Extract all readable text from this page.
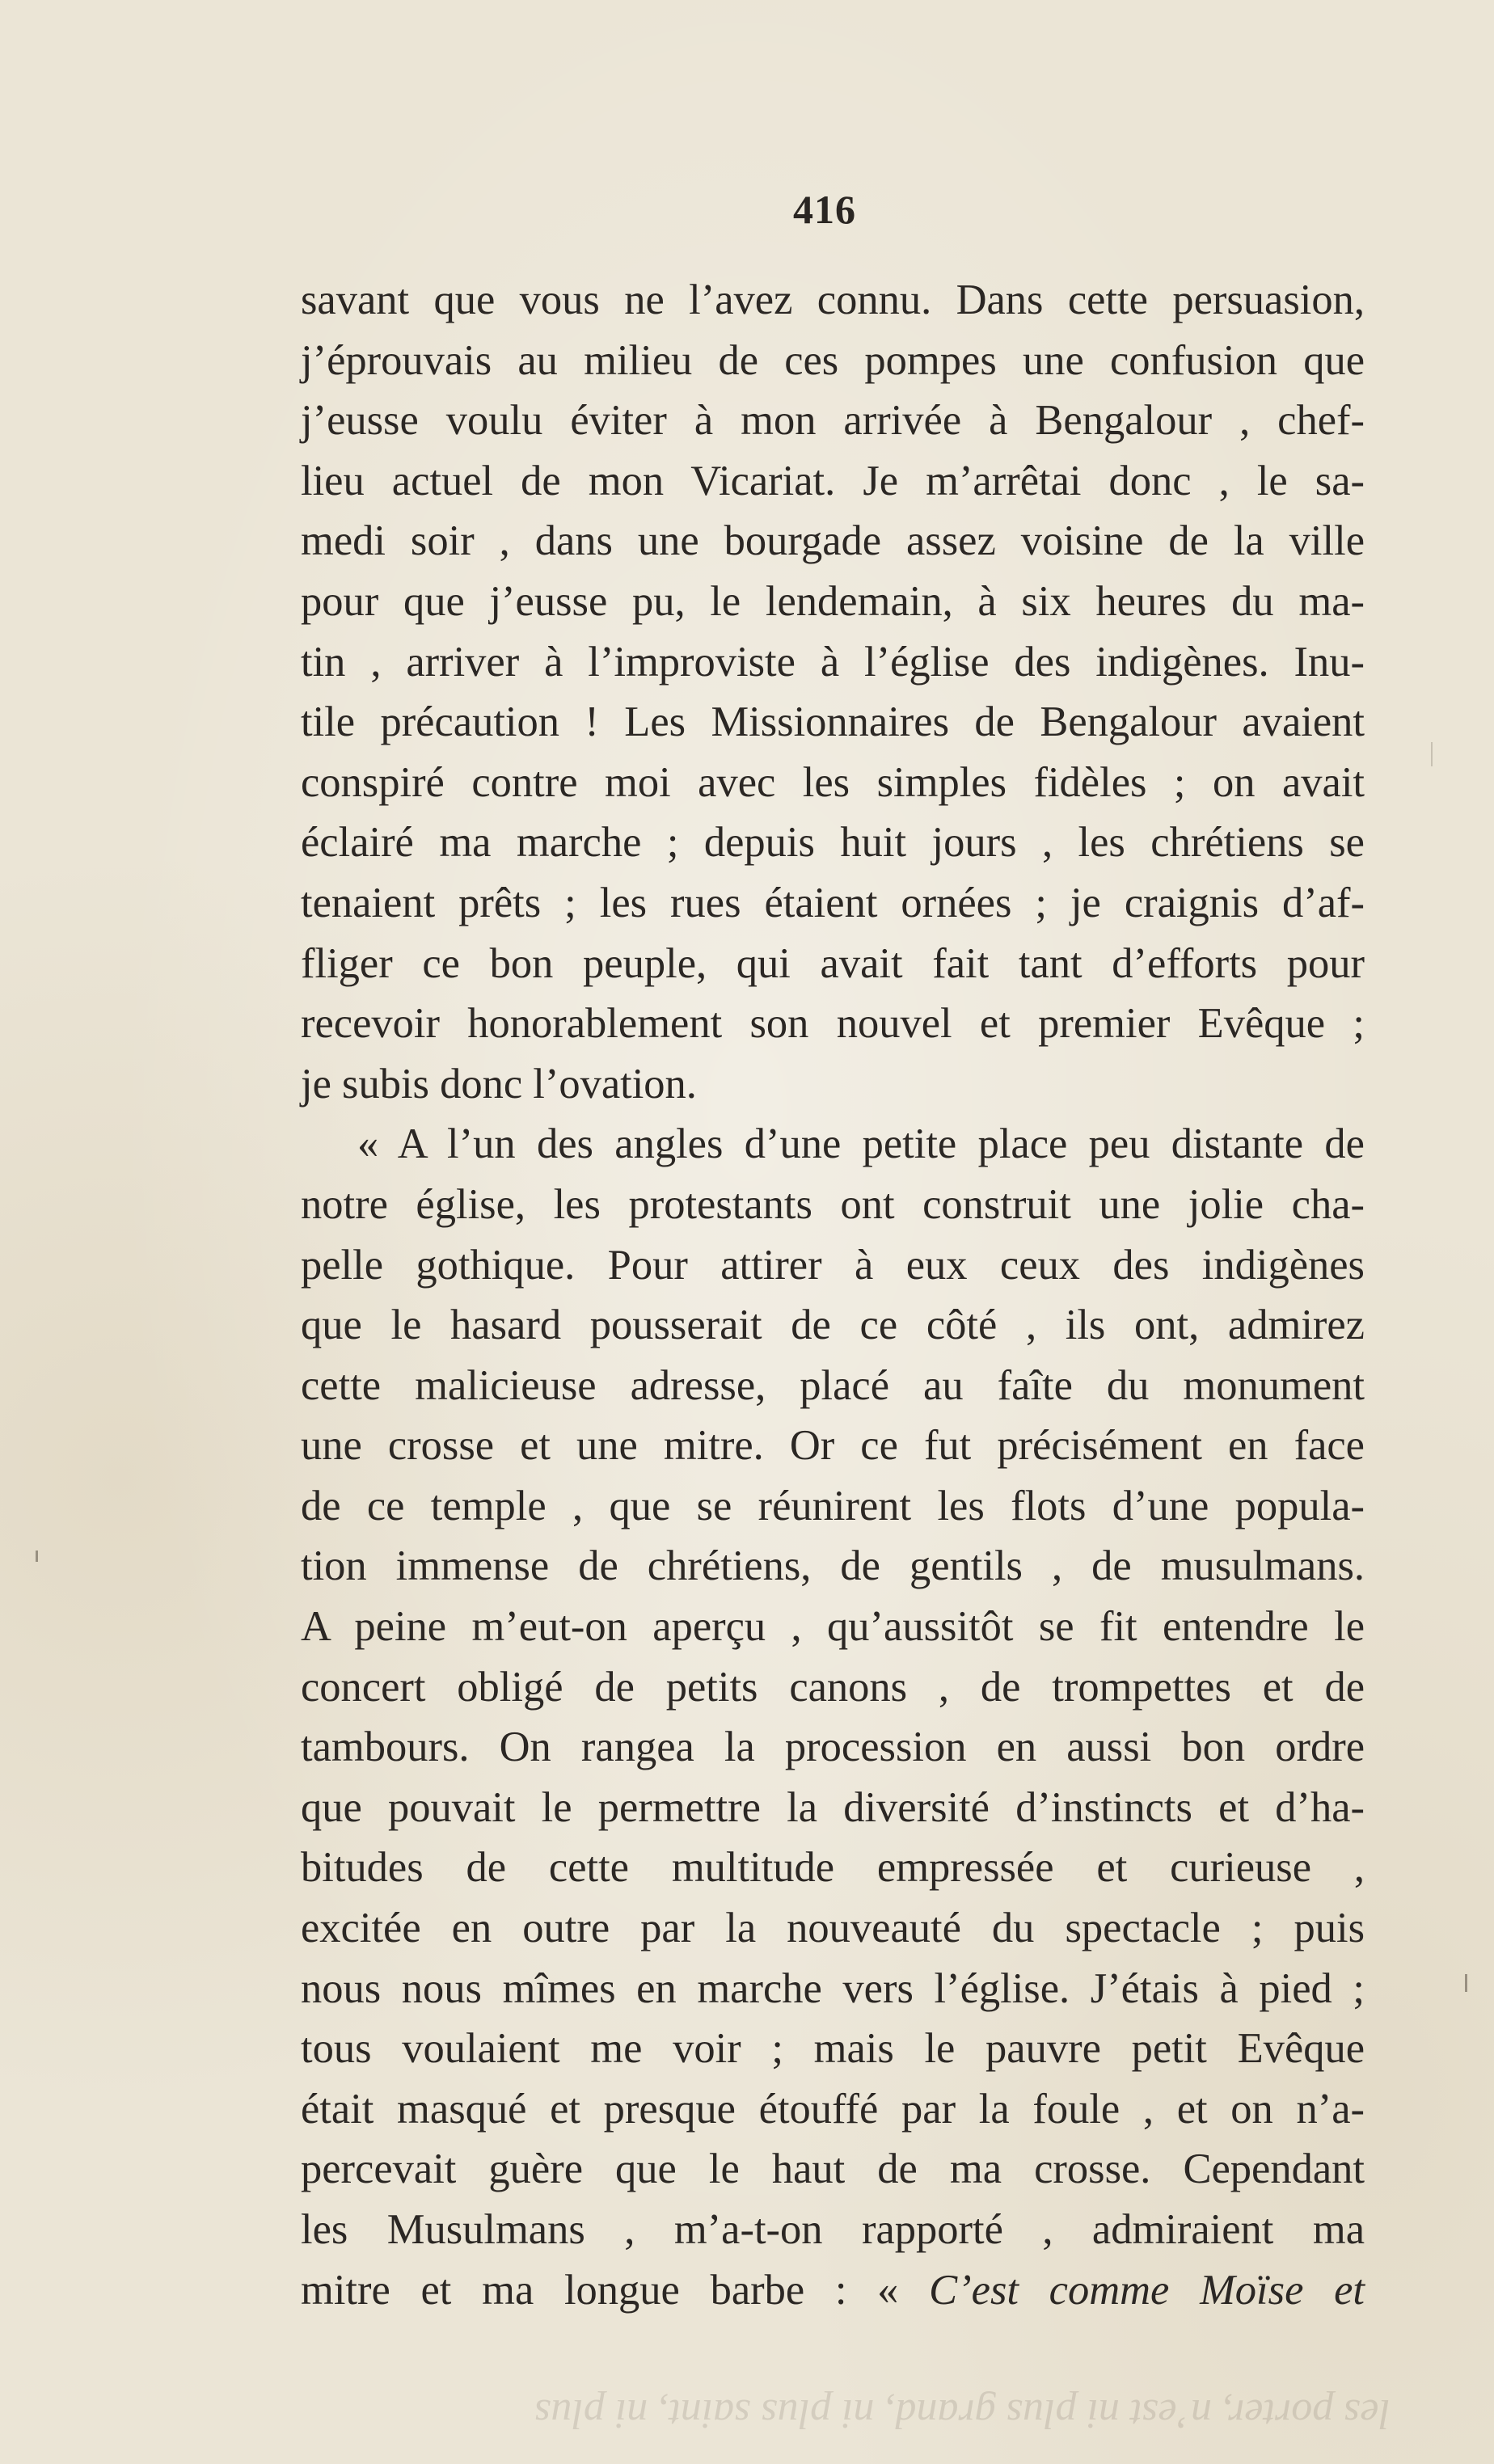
416
savant que vous ne l’avez connu. Dans cette persuasion,
j’éprouvais au milieu de ces pompes une confusion que
j’eusse voulu éviter à mon arrivée à Bengalour , chef-
lieu actuel de mon Vicariat. Je m’arrêtai donc , le sa-
medi soir , dans une bourgade assez voisine de la ville
pour que j’eusse pu, le lendemain, à six heures du ma-
tin , arriver à l’improviste à l’église des indigènes. Inu-
tile précaution ! Les Missionnaires de Bengalour avaient
conspiré contre moi avec les simples fidèles ; on avait
éclairé ma marche ; depuis huit jours , les chrétiens se
tenaient prêts ; les rues étaient ornées ; je craignis d’af-
fliger ce bon peuple, qui avait fait tant d’efforts pour
recevoir honorablement son nouvel et premier Evêque ;
je subis donc l’ovation.
« A l’un des angles d’une petite place peu distante de
notre église, les protestants ont construit une jolie cha-
pelle gothique. Pour attirer à eux ceux des indigènes
que le hasard pousserait de ce côté , ils ont, admirez
cette malicieuse adresse, placé au faîte du monument
une crosse et une mitre. Or ce fut précisément en face
de ce temple , que se réunirent les flots d’une popula-
tion immense de chrétiens, de gentils , de musulmans.
A peine m’eut-on aperçu , qu’aussitôt se fit entendre le
concert obligé de petits canons , de trompettes et de
tambours. On rangea la procession en aussi bon ordre
que pouvait le permettre la diversité d’instincts et d’ha-
bitudes de cette multitude empressée et curieuse ,
excitée en outre par la nouveauté du spectacle ; puis
nous nous mîmes en marche vers l’église. J’étais à pied ;
tous voulaient me voir ; mais le pauvre petit Evêque
était masqué et presque étouffé par la foule , et on n’a-
percevait guère que le haut de ma crosse. Cependant
les Musulmans , m’a-t-on rapporté , admiraient ma
mitre et ma longue barbe : « C’est comme Moïse et
les porter, n’est ni plus grand, ni plus saint, ni plus
